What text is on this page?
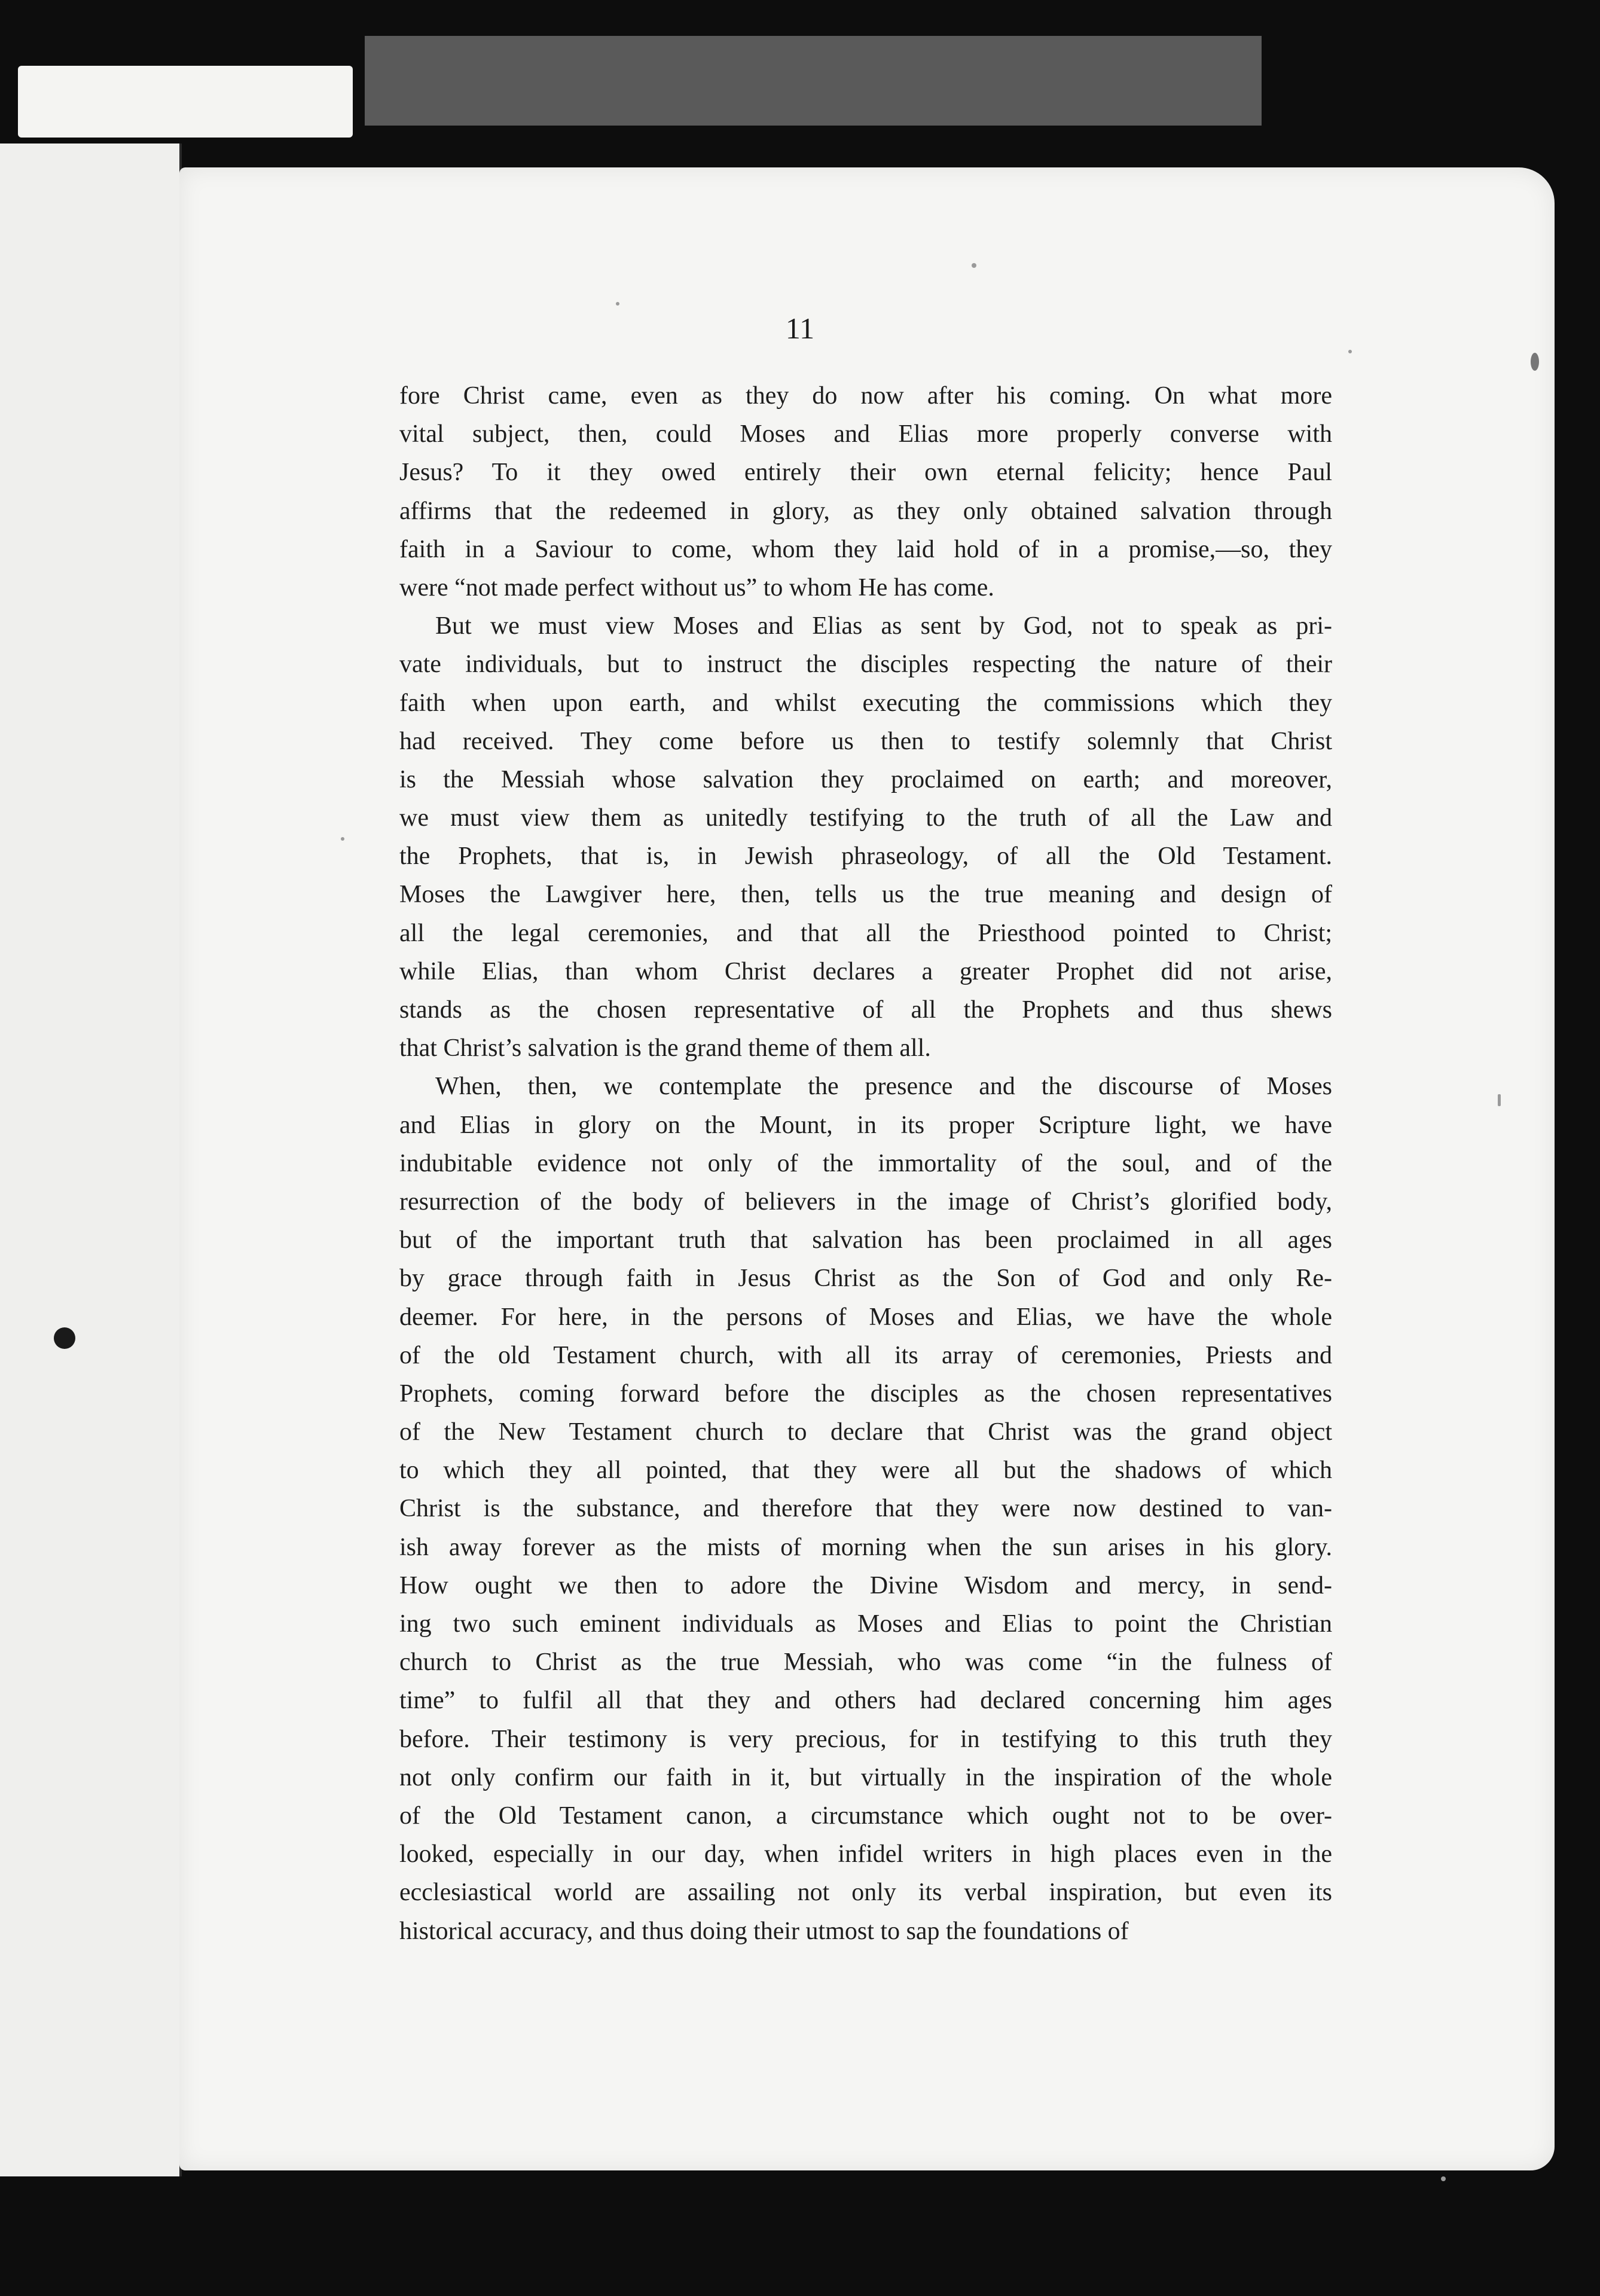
11
fore Christ came, even as they do now after his coming. On what more
vital subject, then, could Moses and Elias more properly converse with
Jesus? To it they owed entirely their own eternal felicity; hence Paul
affirms that the redeemed in glory, as they only obtained salvation through
faith in a Saviour to come, whom they laid hold of in a promise,—so, they
were “not made perfect without us” to whom He has come.
But we must view Moses and Elias as sent by God, not to speak as pri-
vate individuals, but to instruct the disciples respecting the nature of their
faith when upon earth, and whilst executing the commissions which they
had received. They come before us then to testify solemnly that Christ
is the Messiah whose salvation they proclaimed on earth; and moreover,
we must view them as unitedly testifying to the truth of all the Law and
the Prophets, that is, in Jewish phraseology, of all the Old Testament.
Moses the Lawgiver here, then, tells us the true meaning and design of
all the legal ceremonies, and that all the Priesthood pointed to Christ;
while Elias, than whom Christ declares a greater Prophet did not arise,
stands as the chosen representative of all the Prophets and thus shews
that Christ’s salvation is the grand theme of them all.
When, then, we contemplate the presence and the discourse of Moses
and Elias in glory on the Mount, in its proper Scripture light, we have
indubitable evidence not only of the immortality of the soul, and of the
resurrection of the body of believers in the image of Christ’s glorified body,
but of the important truth that salvation has been proclaimed in all ages
by grace through faith in Jesus Christ as the Son of God and only Re-
deemer. For here, in the persons of Moses and Elias, we have the whole
of the old Testament church, with all its array of ceremonies, Priests and
Prophets, coming forward before the disciples as the chosen representatives
of the New Testament church to declare that Christ was the grand object
to which they all pointed, that they were all but the shadows of which
Christ is the substance, and therefore that they were now destined to van-
ish away forever as the mists of morning when the sun arises in his glory.
How ought we then to adore the Divine Wisdom and mercy, in send-
ing two such eminent individuals as Moses and Elias to point the Christian
church to Christ as the true Messiah, who was come “in the fulness of
time” to fulfil all that they and others had declared concerning him ages
before. Their testimony is very precious, for in testifying to this truth they
not only confirm our faith in it, but virtually in the inspiration of the whole
of the Old Testament canon, a circumstance which ought not to be over-
looked, especially in our day, when infidel writers in high places even in the
ecclesiastical world are assailing not only its verbal inspiration, but even its
historical accuracy, and thus doing their utmost to sap the foundations of
